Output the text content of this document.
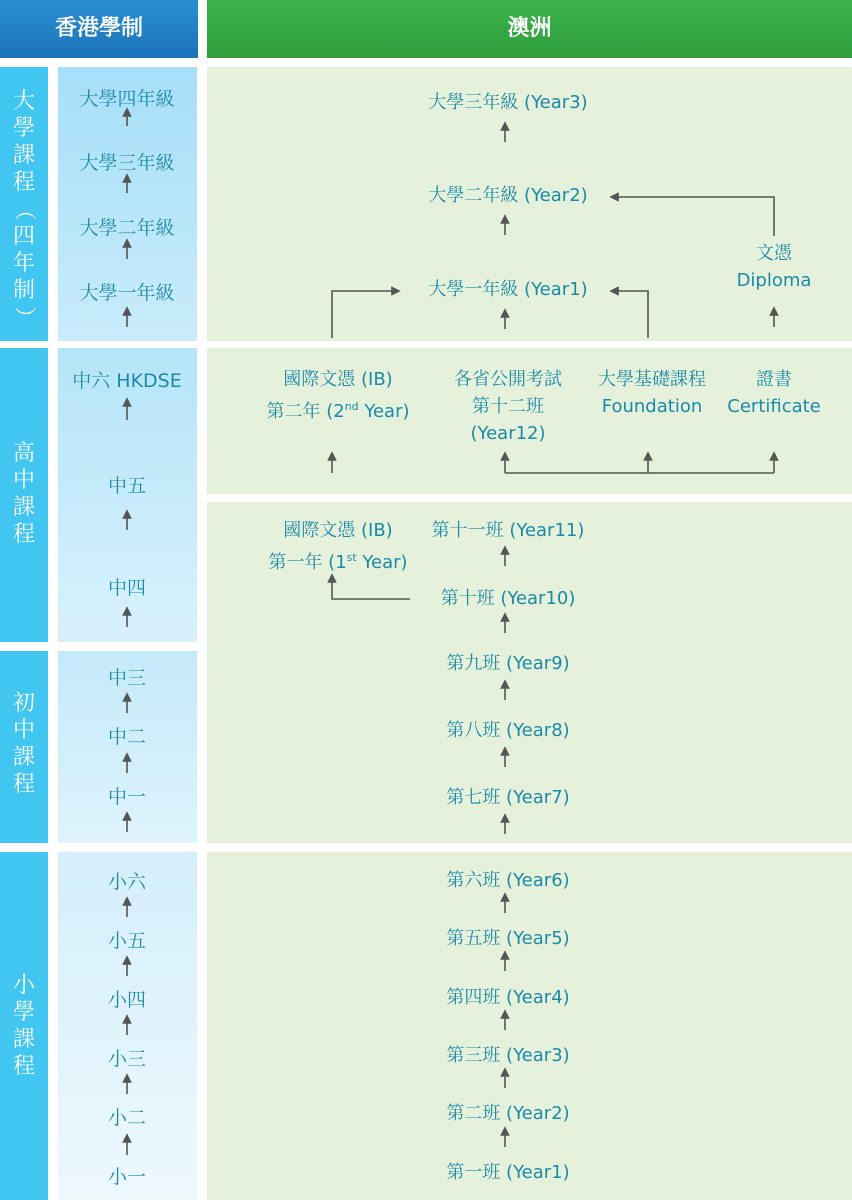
香港學制	澳洲
大
學
課
程
（
四
年
制
）
高
中
課
程
初
中
課
程
小
學
課
程
大學四年級
大學三年級
大學二年級
大學一年級
中六 HKDSE
中五
中四
中三
中二
中一
小六
小五
小四
小三
小二
小一
大學三年級 (Year3)
大學二年級 (Year2)
大學一年級 (Year1)
文憑
Diploma
國際文憑 (IB)
第二年 (2nd Year)
各省公開考試
第十二班
(Year12)
大學基礎課程
Foundation
證書
Certificate
國際文憑 (IB)
第一年 (1st Year)
第十一班 (Year11)
第十班 (Year10)
第九班 (Year9)
第八班 (Year8)
第七班 (Year7)
第六班 (Year6)
第五班 (Year5)
第四班 (Year4)
第三班 (Year3)
第二班 (Year2)
第一班 (Year1)
